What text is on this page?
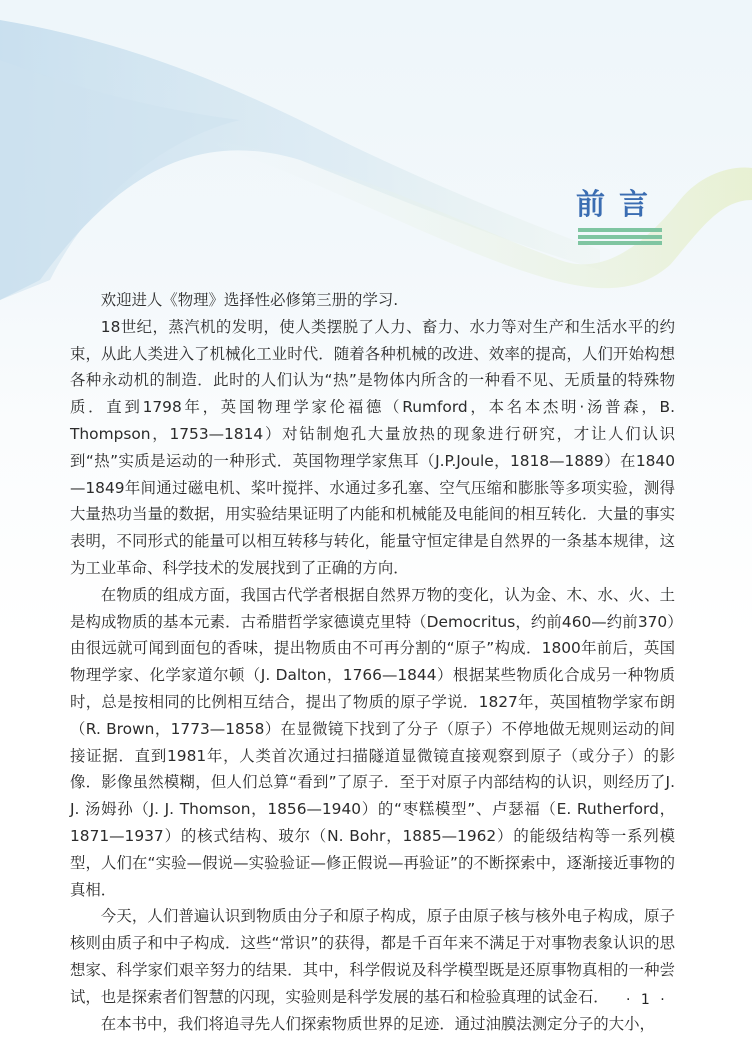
前言

欢迎进人《物理》选择性必修第三册的学习.

18世纪，蒸汽机的发明，使人类摆脱了人力、畜力、水力等对生产和生活水平的约束，从此人类进入了机械化工业时代．随着各种机械的改进、效率的提高，人们开始构想各种永动机的制造．此时的人们认为“热”是物体内所含的一种看不见、无质量的特殊物质．直到1798年，英国物理学家伦福德（Rumford，本名本杰明·汤普森，B. Thompson，1753—1814）对钻制炮孔大量放热的现象进行研究，才让人们认识到“热”实质是运动的一种形式．英国物理学家焦耳（J.P.Joule，1818—1889）在1840—1849年间通过磁电机、桨叶搅拌、水通过多孔塞、空气压缩和膨胀等多项实验，测得大量热功当量的数据，用实验结果证明了内能和机械能及电能间的相互转化．大量的事实表明，不同形式的能量可以相互转移与转化，能量守恒定律是自然界的一条基本规律，这为工业革命、科学技术的发展找到了正确的方向．

在物质的组成方面，我国古代学者根据自然界万物的变化，认为金、木、水、火、土是构成物质的基本元素．古希腊哲学家德谟克里特（Democritus，约前460—约前370）由很远就可闻到面包的香味，提出物质由不可再分割的“原子”构成．1800年前后，英国物理学家、化学家道尔顿（J. Dalton，1766—1844）根据某些物质化合成另一种物质时，总是按相同的比例相互结合，提出了物质的原子学说．1827年，英国植物学家布朗（R. Brown，1773—1858）在显微镜下找到了分子（原子）不停地做无规则运动的间接证据．直到1981年，人类首次通过扫描隧道显微镜直接观察到原子（或分子）的影像．影像虽然模糊，但人们总算“看到”了原子．至于对原子内部结构的认识，则经历了J. J. 汤姆孙（J. J. Thomson，1856—1940）的“枣糕模型”、卢瑟福（E. Rutherford，1871—1937）的核式结构、玻尔（N. Bohr，1885—1962）的能级结构等一系列模型，人们在“实验—假说—实验验证—修正假说—再验证”的不断探索中，逐渐接近事物的真相．

今天，人们普遍认识到物质由分子和原子构成，原子由原子核与核外电子构成，原子核则由质子和中子构成．这些“常识”的获得，都是千百年来不满足于对事物表象认识的思想家、科学家们艰辛努力的结果．其中，科学假说及科学模型既是还原事物真相的一种尝试，也是探索者们智慧的闪现，实验则是科学发展的基石和检验真理的试金石．

在本书中，我们将追寻先人们探索物质世界的足迹．通过油膜法测定分子的大小，

· 1 ·
